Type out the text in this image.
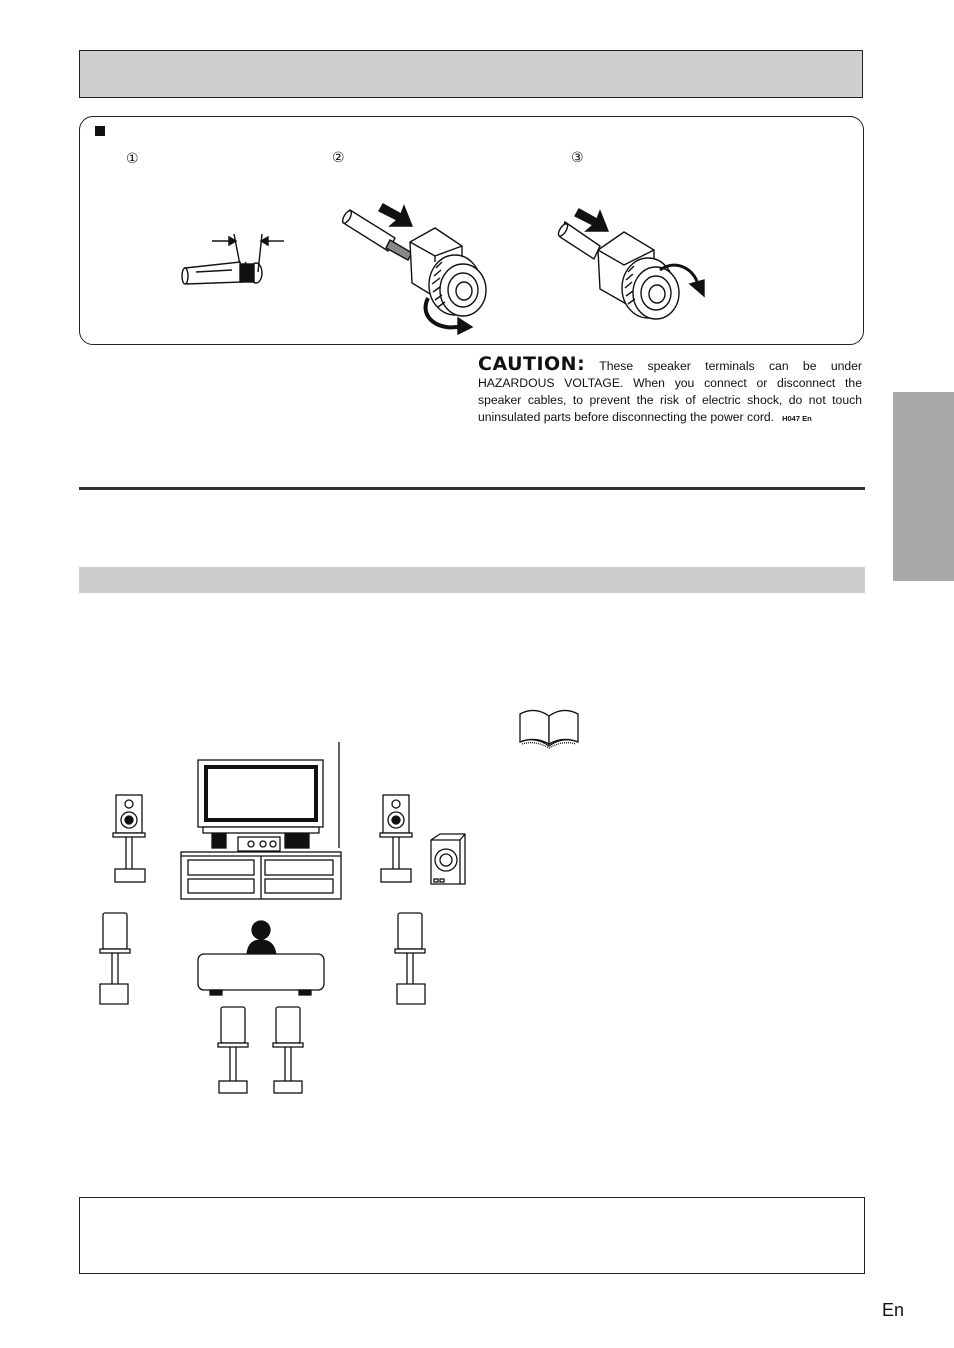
①	②	③
CAUTION: These speaker terminals can be under
HAZARDOUS VOLTAGE. When you connect or disconnect the
speaker cables, to prevent the risk of electric shock, do not touch
uninsulated parts before disconnecting the power cord. H047 En
En
